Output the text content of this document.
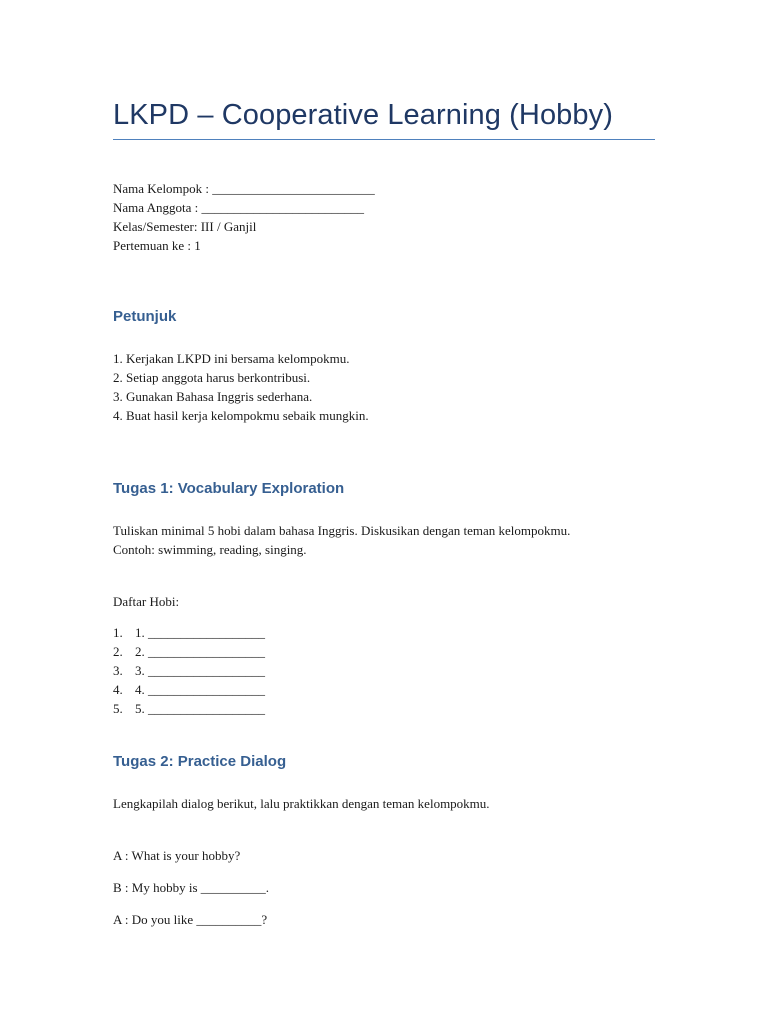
LKPD – Cooperative Learning (Hobby)
Nama Kelompok : _________________________
Nama Anggota : _________________________
Kelas/Semester: III / Ganjil
Pertemuan ke : 1
Petunjuk
1. Kerjakan LKPD ini bersama kelompokmu.
2. Setiap anggota harus berkontribusi.
3. Gunakan Bahasa Inggris sederhana.
4. Buat hasil kerja kelompokmu sebaik mungkin.
Tugas 1: Vocabulary Exploration
Tuliskan minimal 5 hobi dalam bahasa Inggris. Diskusikan dengan teman kelompokmu.
Contoh: swimming, reading, singing.
Daftar Hobi:
1. 1. __________________
2. 2. __________________
3. 3. __________________
4. 4. __________________
5. 5. __________________
Tugas 2: Practice Dialog
Lengkapilah dialog berikut, lalu praktikkan dengan teman kelompokmu.
A : What is your hobby?
B : My hobby is __________.
A : Do you like __________?
